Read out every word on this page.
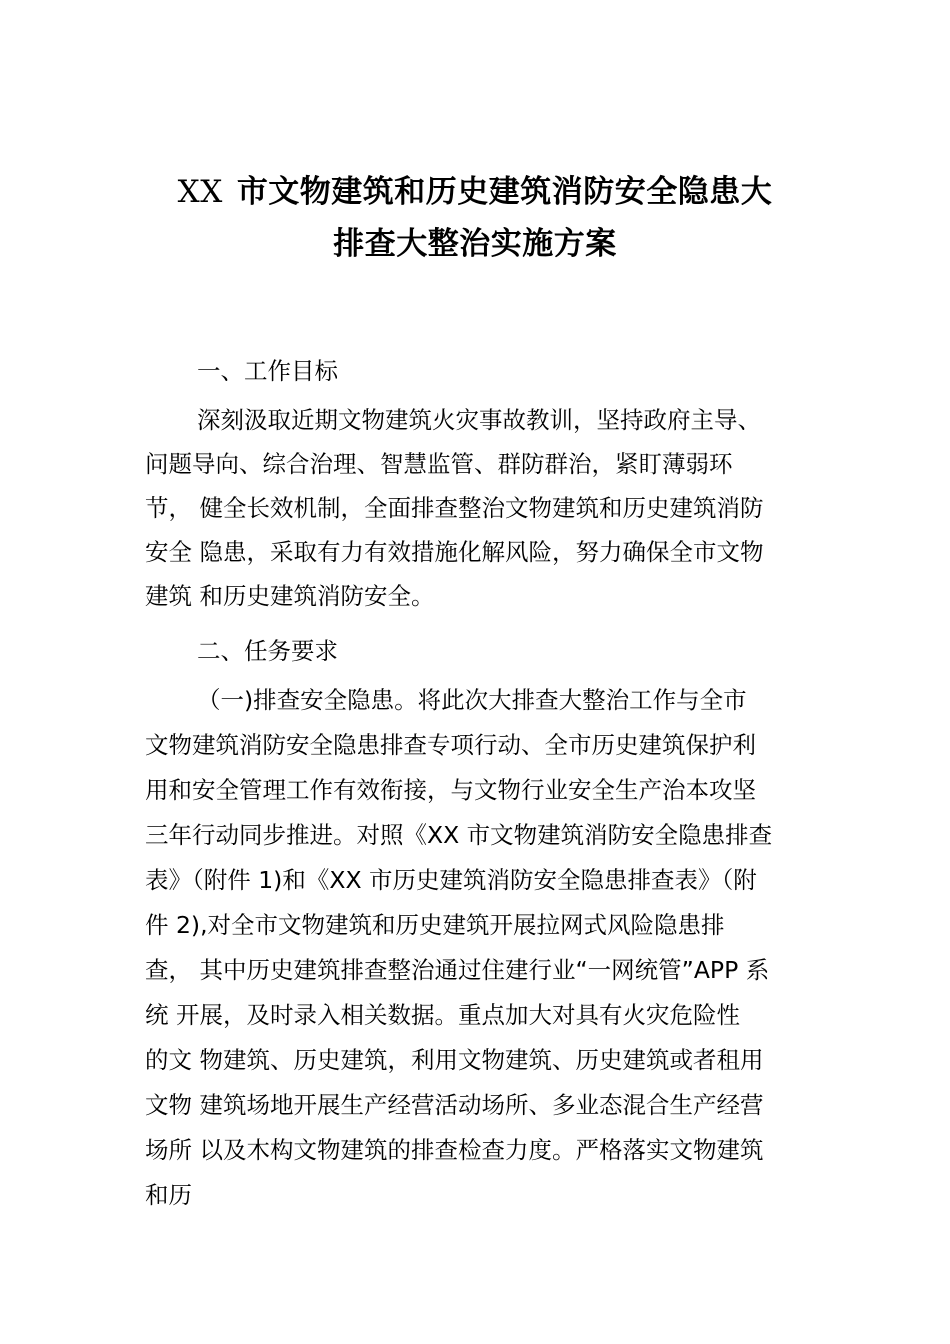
XX 市文物建筑和历史建筑消防安全隐患大
排查大整治实施方案
一、工作目标
深刻汲取近期文物建筑火灾事故教训，坚持政府主导、
问题导向、综合治理、智慧监管、群防群治，紧盯薄弱环
节， 健全长效机制，全面排查整治文物建筑和历史建筑消防
安全 隐患，采取有力有效措施化解风险，努力确保全市文物
建筑 和历史建筑消防安全。
二、任务要求
（一)排查安全隐患。将此次大排查大整治工作与全市
文物建筑消防安全隐患排查专项行动、全市历史建筑保护利
用和安全管理工作有效衔接，与文物行业安全生产治本攻坚
三年行动同步推进。对照《XX 市文物建筑消防安全隐患排查
表》（附件 1)和《XX 市历史建筑消防安全隐患排查表》（附
件 2),对全市文物建筑和历史建筑开展拉网式风险隐患排
查， 其中历史建筑排查整治通过住建行业“一网统管”APP 系
统 开展，及时录入相关数据。重点加大对具有火灾危险性
的文 物建筑、历史建筑，利用文物建筑、历史建筑或者租用
文物 建筑场地开展生产经营活动场所、多业态混合生产经营
场所 以及木构文物建筑的排查检查力度。严格落实文物建筑
和历
